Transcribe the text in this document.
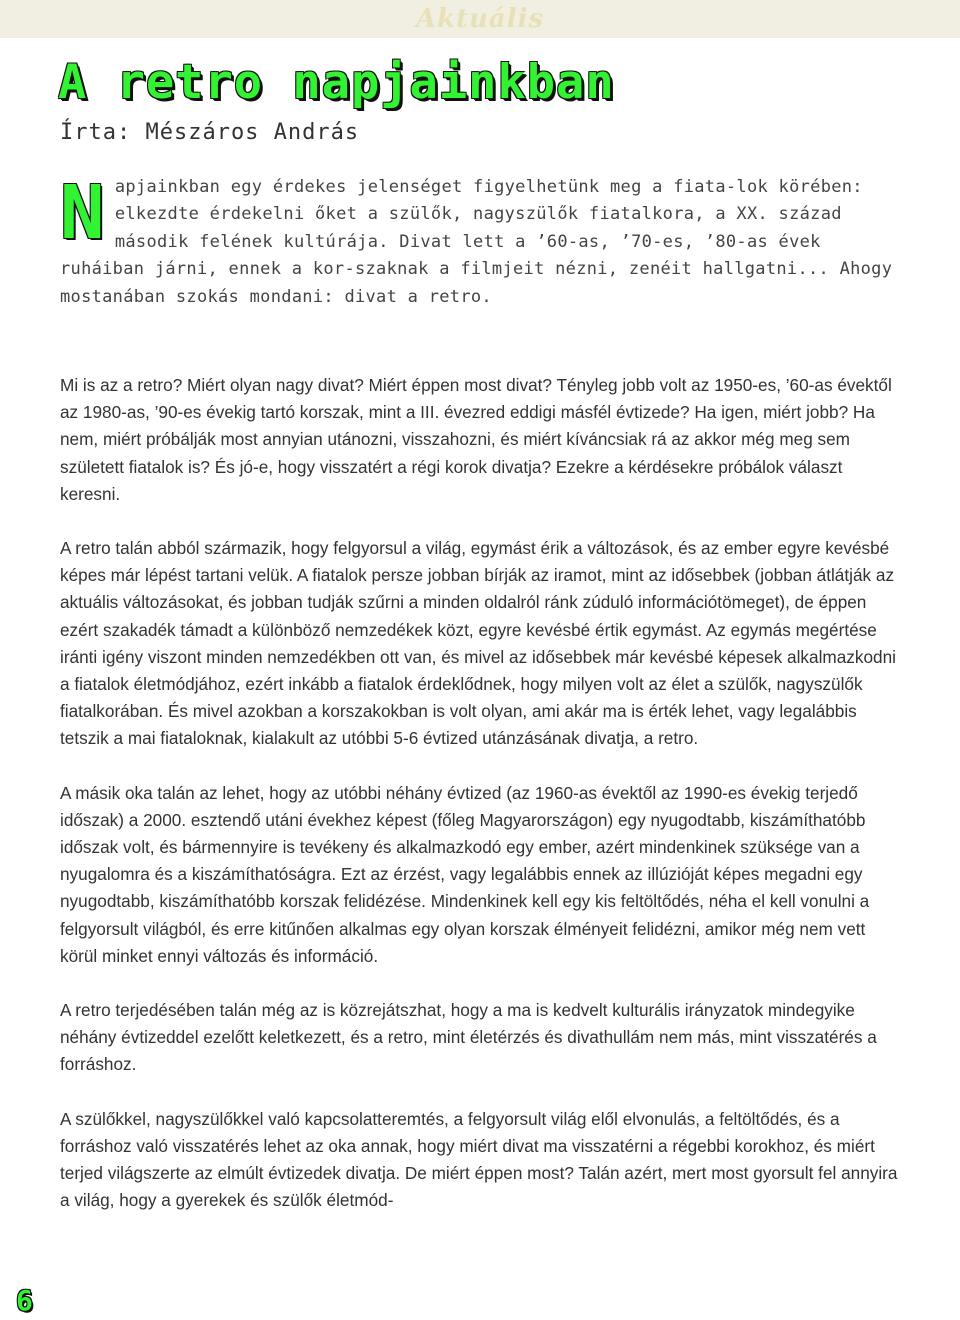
Aktuális
A retro napjainkban
Írta: Mészáros András

Napjainkban egy érdekes jelenséget figyelhetünk meg a fiata-lok körében: elkezdte érdekelni őket a szülők, nagyszülők fiatalkora, a XX. század második felének kultúrája. Divat lett a ’60-as, ’70-es, ’80-as évek ruháiban járni, ennek a kor-szaknak a filmjeit nézni, zenéit hallgatni... Ahogy mostanában szokás mondani: divat a retro.

Mi is az a retro? Miért olyan nagy divat? Miért éppen most divat? Tényleg jobb volt az 1950-es, ’60-as évektől az 1980-as, ’90-es évekig tartó korszak, mint a III. évezred eddigi másfél évtizede? Ha igen, miért jobb? Ha nem, miért próbálják most annyian utánozni, visszahozni, és miért kíváncsiak rá az akkor még meg sem született fiatalok is? És jó-e, hogy visszatért a régi korok divatja? Ezekre a kérdésekre próbálok választ keresni.

A retro talán abból származik, hogy felgyorsul a világ, egymást érik a változások, és az ember egyre kevésbé képes már lépést tartani velük. A fiatalok persze jobban bírják az iramot, mint az idősebbek (jobban átlátják az aktuális változásokat, és jobban tudják szűrni a minden oldalról ránk zúduló információtömeget), de éppen ezért szakadék támadt a különböző nemzedékek közt, egyre kevésbé értik egymást. Az egymás megértése iránti igény viszont minden nemzedékben ott van, és mivel az idősebbek már kevésbé képesek alkalmazkodni a fiatalok életmódjához, ezért inkább a fiatalok érdeklődnek, hogy milyen volt az élet a szülők, nagyszülők fiatalkorában. És mivel azokban a korszakokban is volt olyan, ami akár ma is érték lehet, vagy legalábbis tetszik a mai fiataloknak, kialakult az utóbbi 5-6 évtized utánzásának divatja, a retro.

A másik oka talán az lehet, hogy az utóbbi néhány évtized (az 1960-as évektől az 1990-es évekig terjedő időszak) a 2000. esztendő utáni évekhez képest (főleg Magyarországon) egy nyugodtabb, kiszámíthatóbb időszak volt, és bármennyire is tevékeny és alkalmazkodó egy ember, azért mindenkinek szüksége van a nyugalomra és a kiszámíthatóságra. Ezt az érzést, vagy legalábbis ennek az illúzióját képes megadni egy nyugodtabb, kiszámíthatóbb korszak felidézése. Mindenkinek kell egy kis feltöltődés, néha el kell vonulni a felgyorsult világból, és erre kitűnően alkalmas egy olyan korszak élményeit felidézni, amikor még nem vett körül minket ennyi változás és információ.

A retro terjedésében talán még az is közrejátszhat, hogy a ma is kedvelt kulturális irányzatok mindegyike néhány évtizeddel ezelőtt keletkezett, és a retro, mint életérzés és divathullám nem más, mint visszatérés a forráshoz.

A szülőkkel, nagyszülőkkel való kapcsolatteremtés, a felgyorsult világ elől elvonulás, a feltöltődés, és a forráshoz való visszatérés lehet az oka annak, hogy miért divat ma visszatérni a régebbi korokhoz, és miért terjed világszerte az elmúlt évtizedek divatja. De miért éppen most? Talán azért, mert most gyorsult fel annyira a világ, hogy a gyerekek és szülők életmód-

6
